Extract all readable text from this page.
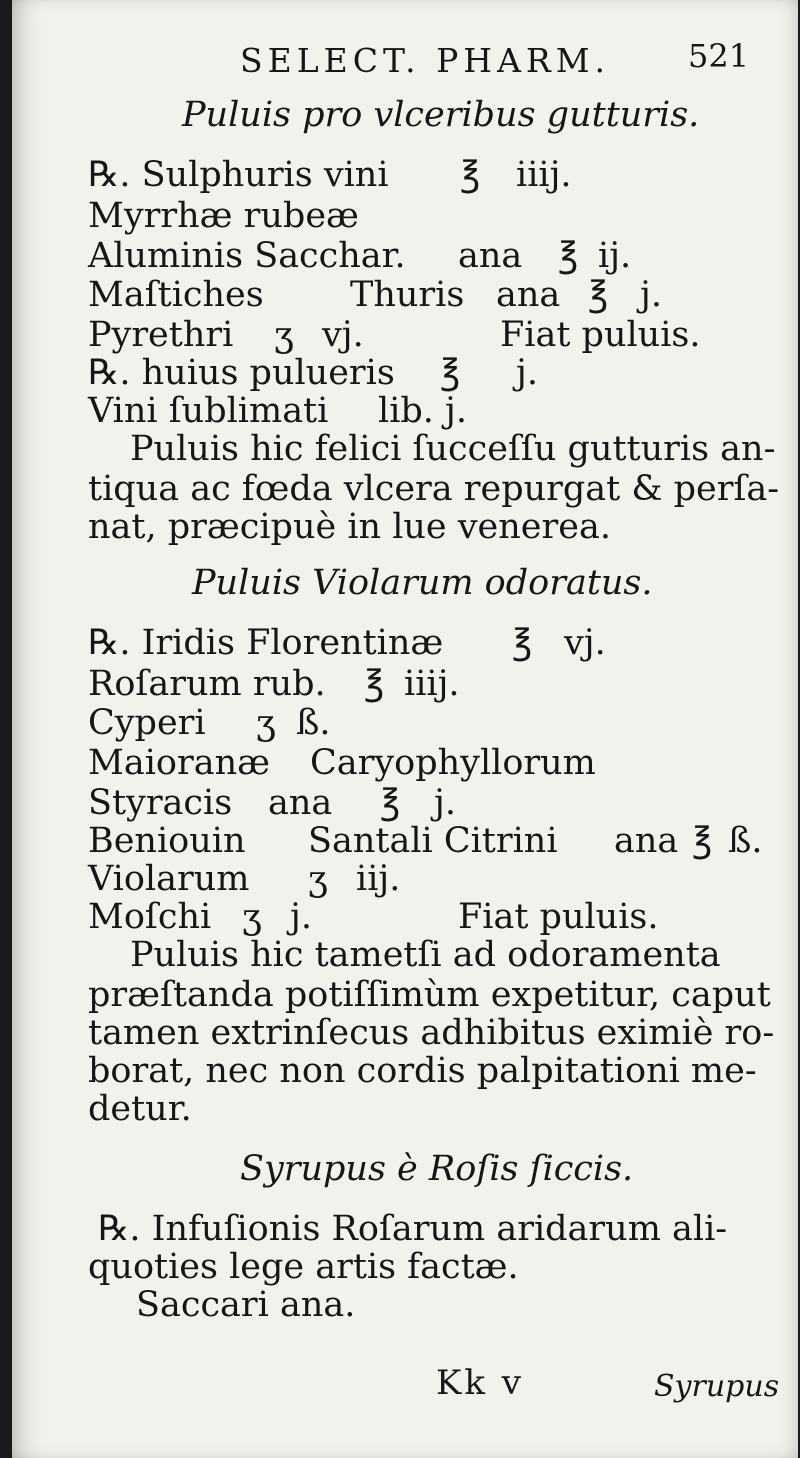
SELECT. PHARM. 521
Puluis pro vlceribus gutturis.
℞. Sulphuris vini ℥ iiij.
Myrrhæ rubeæ
Aluminis Sacchar. ana ℥ ij.
Maſtiches Thuris ana ℥ j.
Pyrethri ʒ vj.	Fiat puluis.
℞. huius pulueris ℥ j.
Vini ſublimati lib. j.
Puluis hic felici ſucceſſu gutturis an-
tiqua ac fœda vlcera repurgat & perſa-
nat, præcipuè in lue venerea.
Puluis Violarum odoratus.
℞. Iridis Florentinæ ℥ vj.
Roſarum rub. ℥ iiij.
Cyperi ʒ ß.
Maioranæ Caryophyllorum
Styracis ana ℥ j.
Beniouin Santali Citrini ana ℥ ß.
Violarum ʒ iij.
Moſchi ʒ j.	Fiat puluis.
Puluis hic tametſi ad odoramenta
præſtanda potiſſimùm expetitur, caput
tamen extrinſecus adhibitus eximiè ro-
borat, nec non cordis palpitationi me-
detur.
Syrupus è Roſis ſiccis.
℞. Infuſionis Roſarum aridarum ali-
quoties lege artis factæ.
Saccari ana.
Kk v	Syrupus
